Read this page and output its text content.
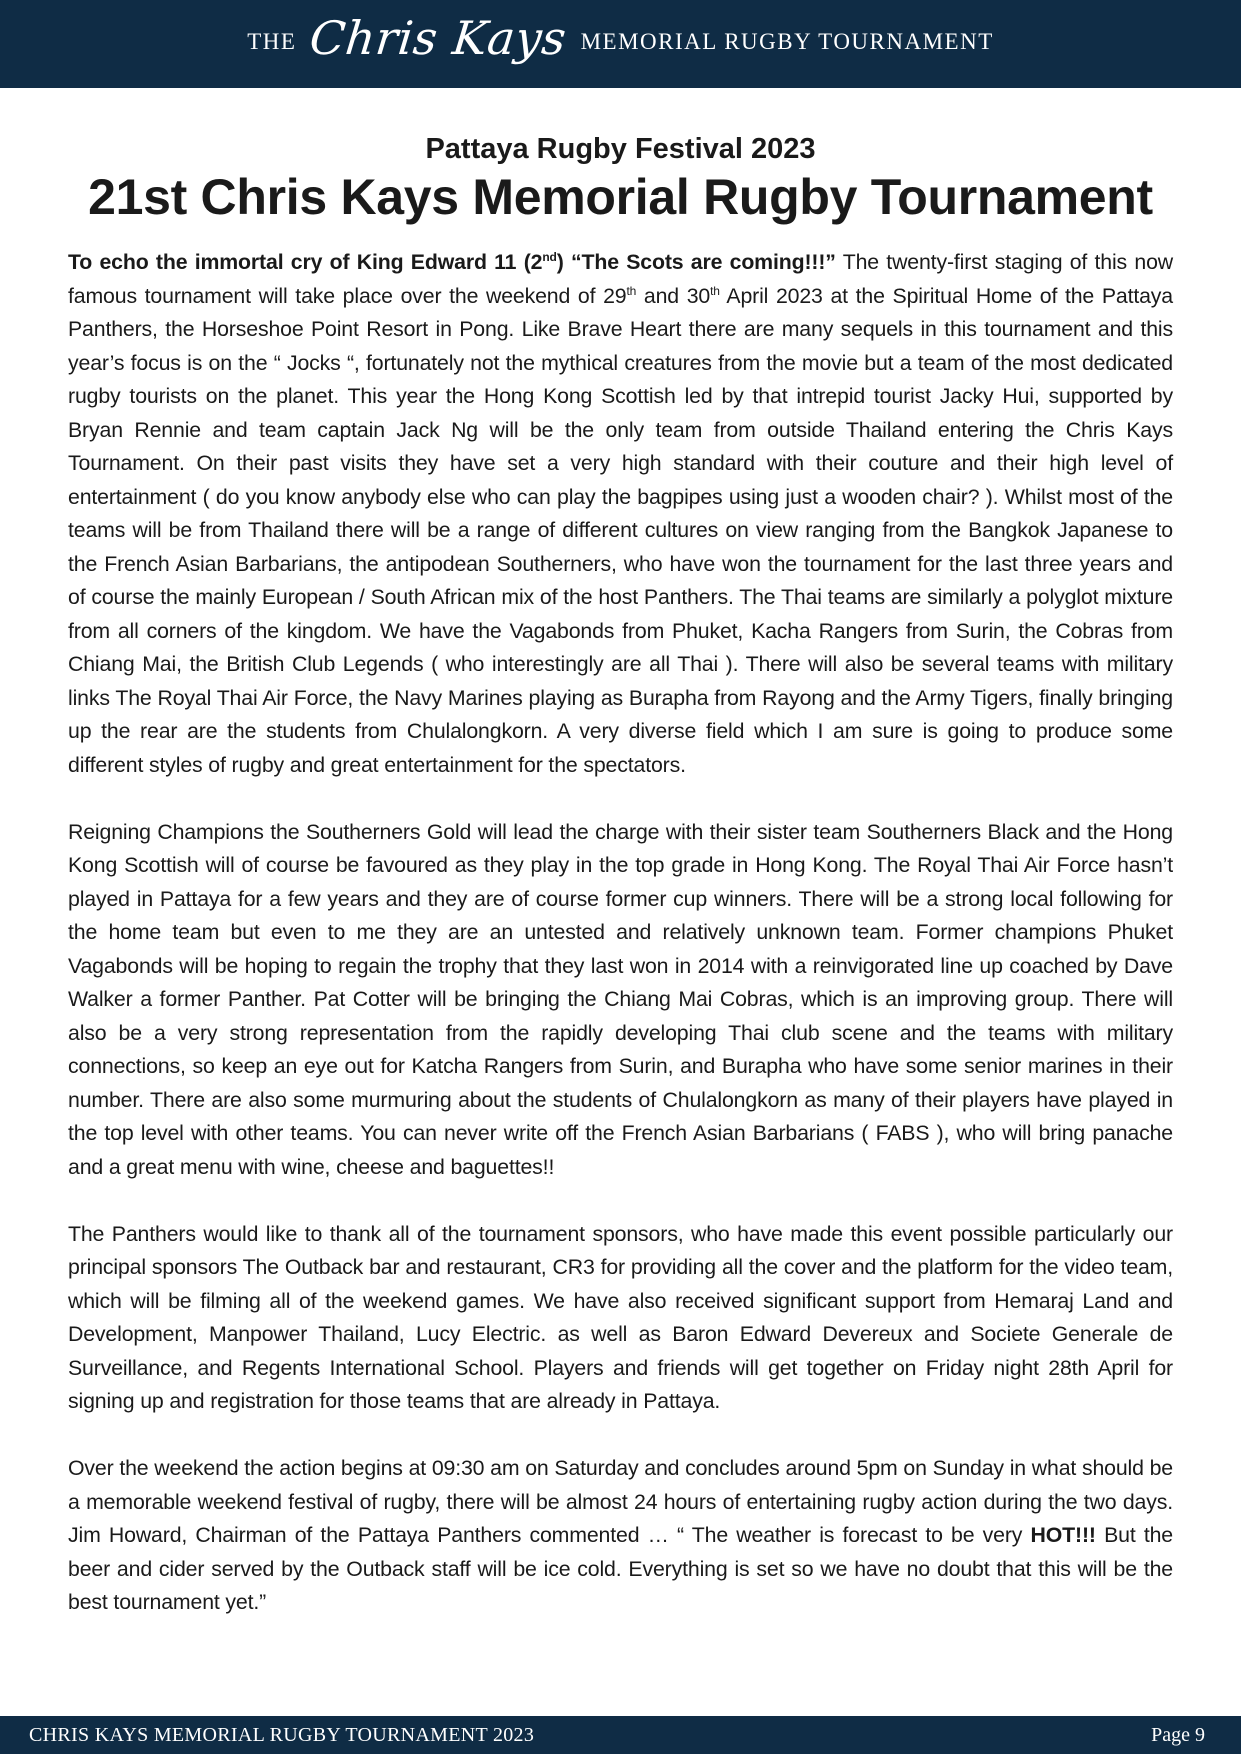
THE Chris Kays MEMORIAL RUGBY TOURNAMENT
Pattaya Rugby Festival 2023
21st Chris Kays Memorial Rugby Tournament

To echo the immortal cry of King Edward 11 (2nd) “The Scots are coming!!!” The twenty-first staging of this now famous tournament will take place over the weekend of 29th and 30th April 2023 at the Spiritual Home of the Pattaya Panthers, the Horseshoe Point Resort in Pong. Like Brave Heart there are many sequels in this tournament and this year’s focus is on the “ Jocks “, fortunately not the mythical creatures from the movie but a team of the most dedicated rugby tourists on the planet. This year the Hong Kong Scottish led by that intrepid tourist Jacky Hui, supported by Bryan Rennie and team captain Jack Ng will be the only team from outside Thailand entering the Chris Kays Tournament. On their past visits they have set a very high standard with their couture and their high level of entertainment ( do you know anybody else who can play the bagpipes using just a wooden chair? ). Whilst most of the teams will be from Thailand there will be a range of different cultures on view ranging from the Bangkok Japanese to the French Asian Barbarians, the antipodean Southerners, who have won the tournament for the last three years and of course the mainly European / South African mix of the host Panthers. The Thai teams are similarly a polyglot mixture from all corners of the kingdom. We have the Vagabonds from Phuket, Kacha Rangers from Surin, the Cobras from Chiang Mai, the British Club Legends ( who interestingly are all Thai ). There will also be several teams with military links The Royal Thai Air Force, the Navy Marines playing as Burapha from Rayong and the Army Tigers, finally bringing up the rear are the students from Chulalongkorn. A very diverse field which I am sure is going to produce some different styles of rugby and great entertainment for the spectators.

Reigning Champions the Southerners Gold will lead the charge with their sister team Southerners Black and the Hong Kong Scottish will of course be favoured as they play in the top grade in Hong Kong. The Royal Thai Air Force hasn’t played in Pattaya for a few years and they are of course former cup winners. There will be a strong local following for the home team but even to me they are an untested and relatively unknown team. Former champions Phuket Vagabonds will be hoping to regain the trophy that they last won in 2014 with a reinvigorated line up coached by Dave Walker a former Panther. Pat Cotter will be bringing the Chiang Mai Cobras, which is an improving group. There will also be a very strong representation from the rapidly developing Thai club scene and the teams with military connections, so keep an eye out for Katcha Rangers from Surin, and Burapha who have some senior marines in their number. There are also some murmuring about the students of Chulalongkorn as many of their players have played in the top level with other teams. You can never write off the French Asian Barbarians ( FABS ), who will bring panache and a great menu with wine, cheese and baguettes!!

The Panthers would like to thank all of the tournament sponsors, who have made this event possible particularly our principal sponsors The Outback bar and restaurant, CR3 for providing all the cover and the platform for the video team, which will be filming all of the weekend games. We have also received significant support from Hemaraj Land and Development, Manpower Thailand, Lucy Electric. as well as Baron Edward Devereux and Societe Generale de Surveillance, and Regents International School. Players and friends will get together on Friday night 28th April for signing up and registration for those teams that are already in Pattaya.

Over the weekend the action begins at 09:30 am on Saturday and concludes around 5pm on Sunday in what should be a memorable weekend festival of rugby, there will be almost 24 hours of entertaining rugby action during the two days. Jim Howard, Chairman of the Pattaya Panthers commented … “ The weather is forecast to be very HOT!!! But the beer and cider served by the Outback staff will be ice cold. Everything is set so we have no doubt that this will be the best tournament yet.”

CHRIS KAYS MEMORIAL RUGBY TOURNAMENT 2023	Page 9
